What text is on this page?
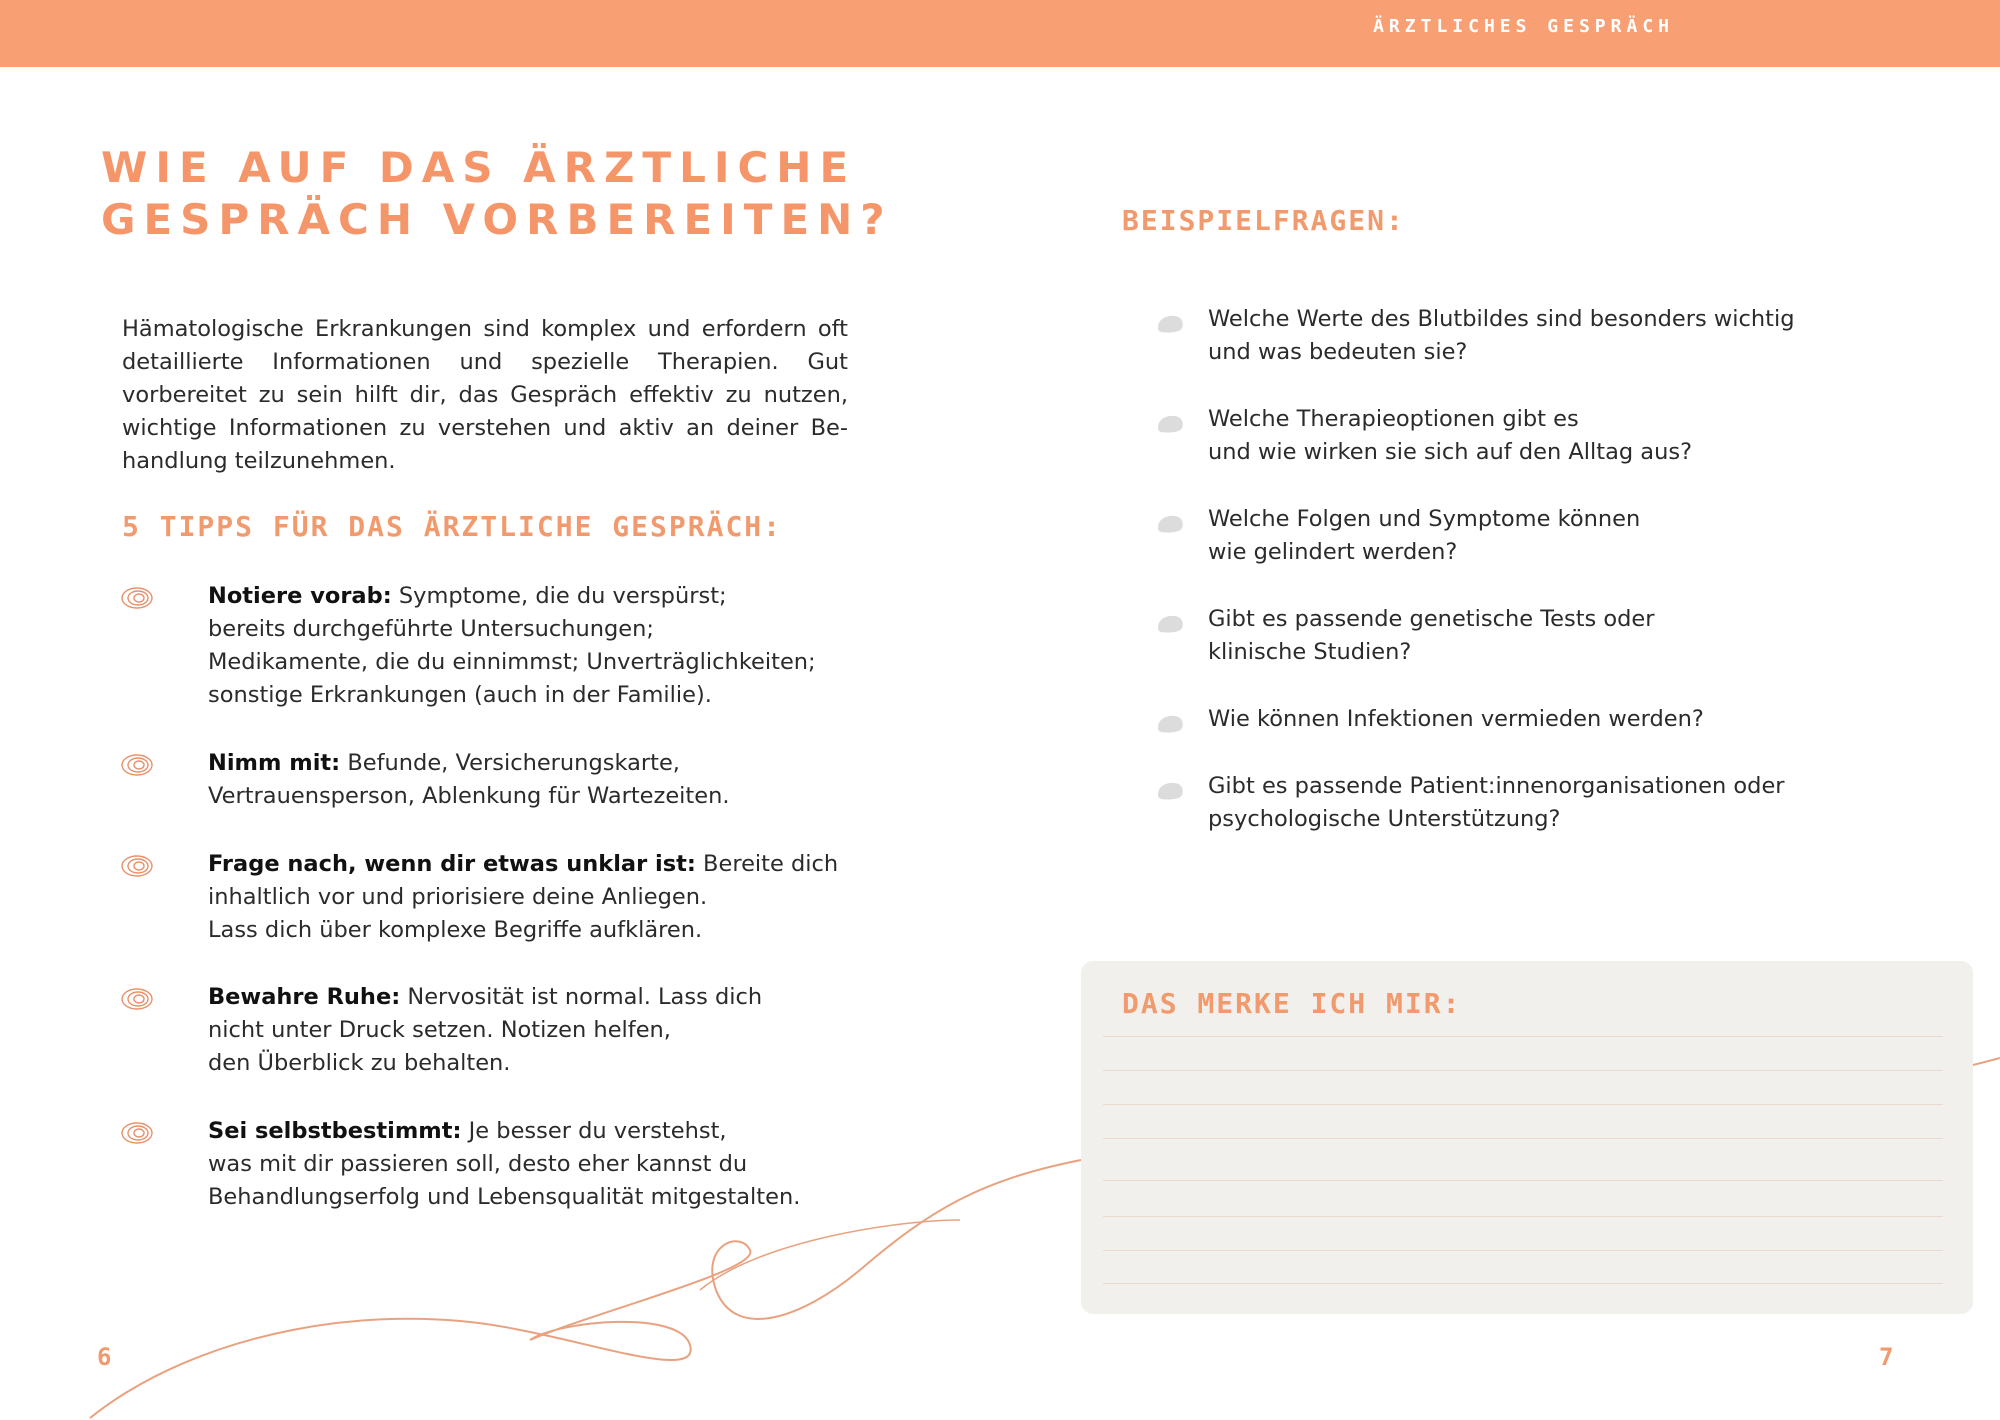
ÄRZTLICHES GESPRÄCH
WIE AUF DAS ÄRZTLICHE
GESPRÄCH VORBEREITEN?

Hämatologische Erkrankungen sind komplex und erfordern oft detaillierte Informationen und spezielle Therapien. Gut vorbereitet zu sein hilft dir, das Gespräch effektiv zu nutzen, wichtige Informationen zu verstehen und aktiv an deiner Be-handlung teilzunehmen.

5 TIPPS FÜR DAS ÄRZTLICHE GESPRÄCH:

Notiere vorab: Symptome, die du verspürst;
bereits durchgeführte Untersuchungen;
Medikamente, die du einnimmst; Unverträglichkeiten;
sonstige Erkrankungen (auch in der Familie).

Nimm mit: Befunde, Versicherungskarte,
Vertrauensperson, Ablenkung für Wartezeiten.

Frage nach, wenn dir etwas unklar ist: Bereite dich
inhaltlich vor und priorisiere deine Anliegen.
Lass dich über komplexe Begriffe aufklären.

Bewahre Ruhe: Nervosität ist normal. Lass dich
nicht unter Druck setzen. Notizen helfen,
den Überblick zu behalten.

Sei selbstbestimmt: Je besser du verstehst,
was mit dir passieren soll, desto eher kannst du
Behandlungserfolg und Lebensqualität mitgestalten.

BEISPIELFRAGEN:

Welche Werte des Blutbildes sind besonders wichtig
und was bedeuten sie?

Welche Therapieoptionen gibt es
und wie wirken sie sich auf den Alltag aus?

Welche Folgen und Symptome können
wie gelindert werden?

Gibt es passende genetische Tests oder
klinische Studien?

Wie können Infektionen vermieden werden?

Gibt es passende Patient:innenorganisationen oder
psychologische Unterstützung?

DAS MERKE ICH MIR:
6	7
